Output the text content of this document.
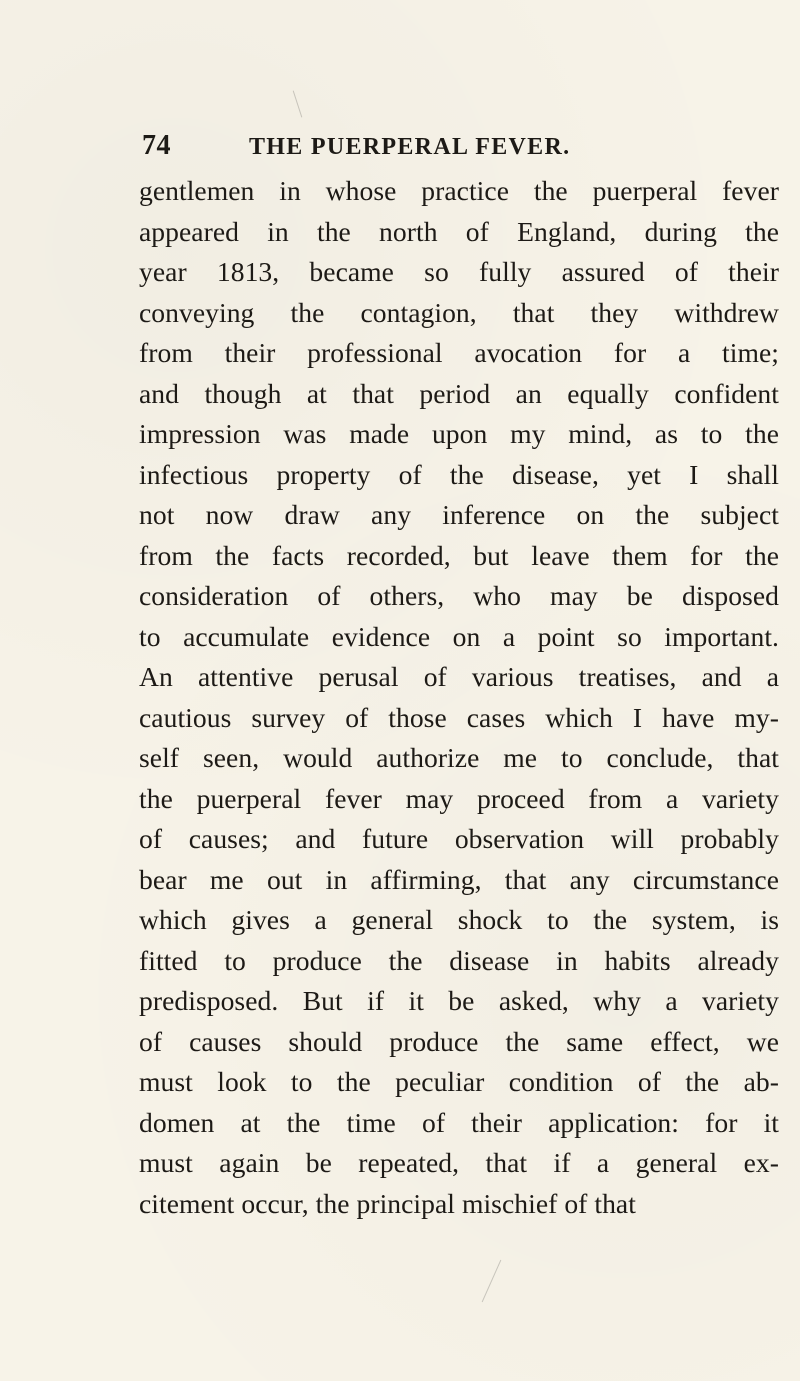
74	THE PUERPERAL FEVER.
gentlemen in whose practice the puerperal fever
appeared in the north of England, during the
year 1813, became so fully assured of their
conveying the contagion, that they withdrew
from their professional avocation for a time;
and though at that period an equally confident
impression was made upon my mind, as to the
infectious property of the disease, yet I shall
not now draw any inference on the subject
from the facts recorded, but leave them for the
consideration of others, who may be disposed
to accumulate evidence on a point so important.
An attentive perusal of various treatises, and a
cautious survey of those cases which I have my-
self seen, would authorize me to conclude, that
the puerperal fever may proceed from a variety
of causes; and future observation will probably
bear me out in affirming, that any circumstance
which gives a general shock to the system, is
fitted to produce the disease in habits already
predisposed. But if it be asked, why a variety
of causes should produce the same effect, we
must look to the peculiar condition of the ab-
domen at the time of their application: for it
must again be repeated, that if a general ex-
citement occur, the principal mischief of that
